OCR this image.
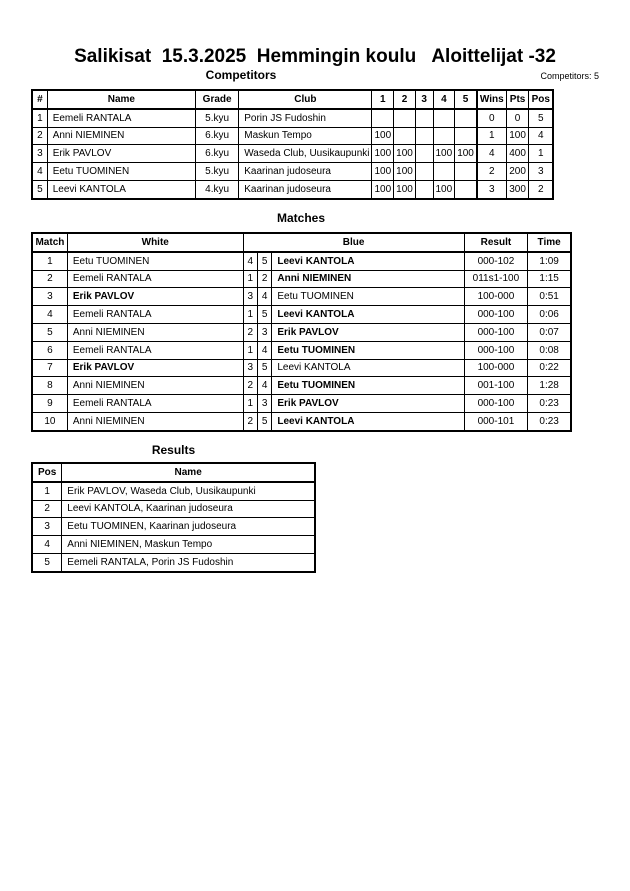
Salikisat  15.3.2025  Hemmingin koulu   Aloittelijat -32
Competitors	Competitors: 5
#	Name	Grade	Club	1	2	3	4	5	Wins	Pts	Pos
1	Eemeli RANTALA	5.kyu	Porin JS Fudoshin						0	0	5
2	Anni NIEMINEN	6.kyu	Maskun Tempo	100					1	100	4
3	Erik PAVLOV	6.kyu	Waseda Club, Uusikaupunki	100	100		100	100	4	400	1
4	Eetu TUOMINEN	5.kyu	Kaarinan judoseura	100	100				2	200	3
5	Leevi KANTOLA	4.kyu	Kaarinan judoseura	100	100		100		3	300	2
Matches
Match	White	Blue			Result	Time
1	Eetu TUOMINEN	4	5	Leevi KANTOLA	000-102	1:09
2	Eemeli RANTALA	1	2	Anni NIEMINEN	011s1-100	1:15
3	Erik PAVLOV	3	4	Eetu TUOMINEN	100-000	0:51
4	Eemeli RANTALA	1	5	Leevi KANTOLA	000-100	0:06
5	Anni NIEMINEN	2	3	Erik PAVLOV	000-100	0:07
6	Eemeli RANTALA	1	4	Eetu TUOMINEN	000-100	0:08
7	Erik PAVLOV	3	5	Leevi KANTOLA	100-000	0:22
8	Anni NIEMINEN	2	4	Eetu TUOMINEN	001-100	1:28
9	Eemeli RANTALA	1	3	Erik PAVLOV	000-100	0:23
10	Anni NIEMINEN	2	5	Leevi KANTOLA	000-101	0:23
Results
Pos	Name
1	Erik PAVLOV, Waseda Club, Uusikaupunki
2	Leevi KANTOLA, Kaarinan judoseura
3	Eetu TUOMINEN, Kaarinan judoseura
4	Anni NIEMINEN, Maskun Tempo
5	Eemeli RANTALA, Porin JS Fudoshin
